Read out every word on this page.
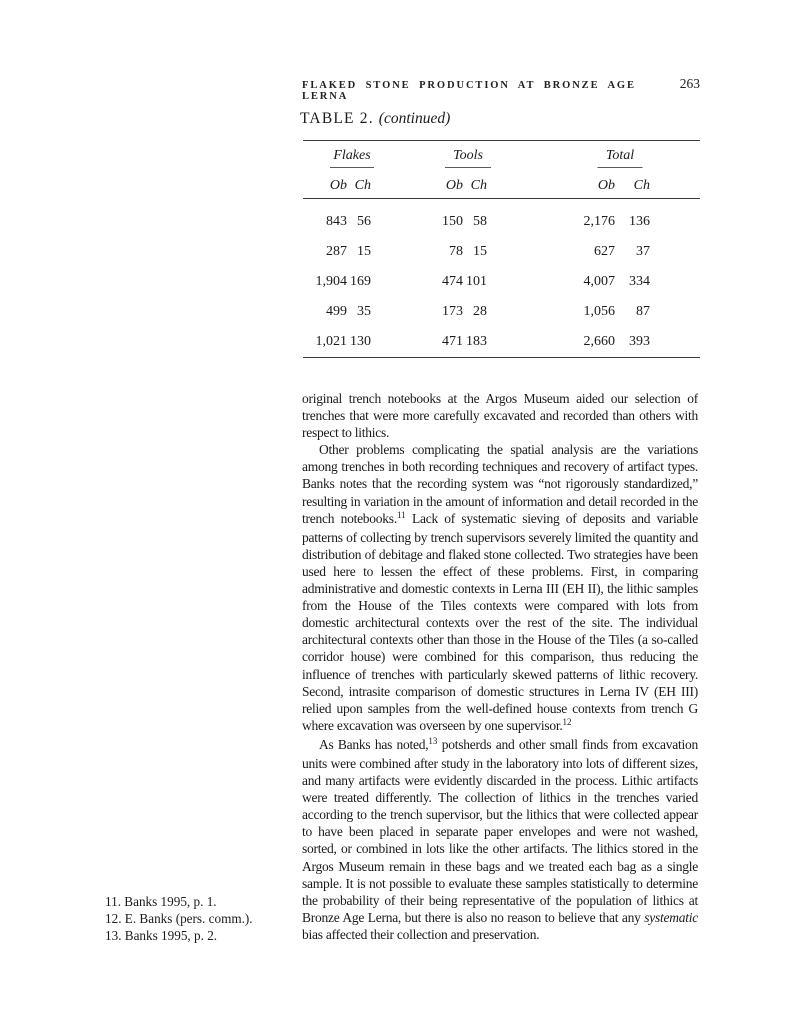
FLAKED STONE PRODUCTION AT BRONZE AGE LERNA
263
TABLE 2. (continued)
Flakes	Tools	Total
Ob Ch	Ob Ch	Ob	Ch
843 56	150 58	2,176	136
287 15	78 15	627	37
1,904 169	474 101	4,007	334
499 35	173 28	1,056	87
1,021 130	471 183	2,660	393

original trench notebooks at the Argos Museum aided our selection of trenches that were more carefully excavated and recorded than others with respect to lithics.

Other problems complicating the spatial analysis are the variations among trenches in both recording techniques and recovery of artifact types. Banks notes that the recording system was “not rigorously standardized,” resulting in variation in the amount of information and detail recorded in the trench notebooks.$^{11}$ Lack of systematic sieving of deposits and variable patterns of collecting by trench supervisors severely limited the quantity and distribution of debitage and flaked stone collected. Two strategies have been used here to lessen the effect of these problems. First, in comparing administrative and domestic contexts in Lerna III (EH II), the lithic samples from the House of the Tiles contexts were compared with lots from domestic architectural contexts over the rest of the site. The individual architectural contexts other than those in the House of the Tiles (a so-called corridor house) were combined for this comparison, thus reducing the influence of trenches with particularly skewed patterns of lithic recovery. Second, intrasite comparison of domestic structures in Lerna IV (EH III) relied upon samples from the well-defined house contexts from trench G where excavation was overseen by one supervisor.$^{12}$

As Banks has noted,$^{13}$ potsherds and other small finds from excavation units were combined after study in the laboratory into lots of different sizes, and many artifacts were evidently discarded in the process. Lithic artifacts were treated differently. The collection of lithics in the trenches varied according to the trench supervisor, but the lithics that were collected appear to have been placed in separate paper envelopes and were not washed, sorted, or combined in lots like the other artifacts. The lithics stored in the Argos Museum remain in these bags and we treated each bag as a single sample. It is not possible to evaluate these samples statistically to determine the probability of their being representative of the population of lithics at Bronze Age Lerna, but there is also no reason to believe that any systematic bias affected their collection and preservation.

11. Banks 1995, p. 1.

12. E. Banks (pers. comm.).

13. Banks 1995, p. 2.
